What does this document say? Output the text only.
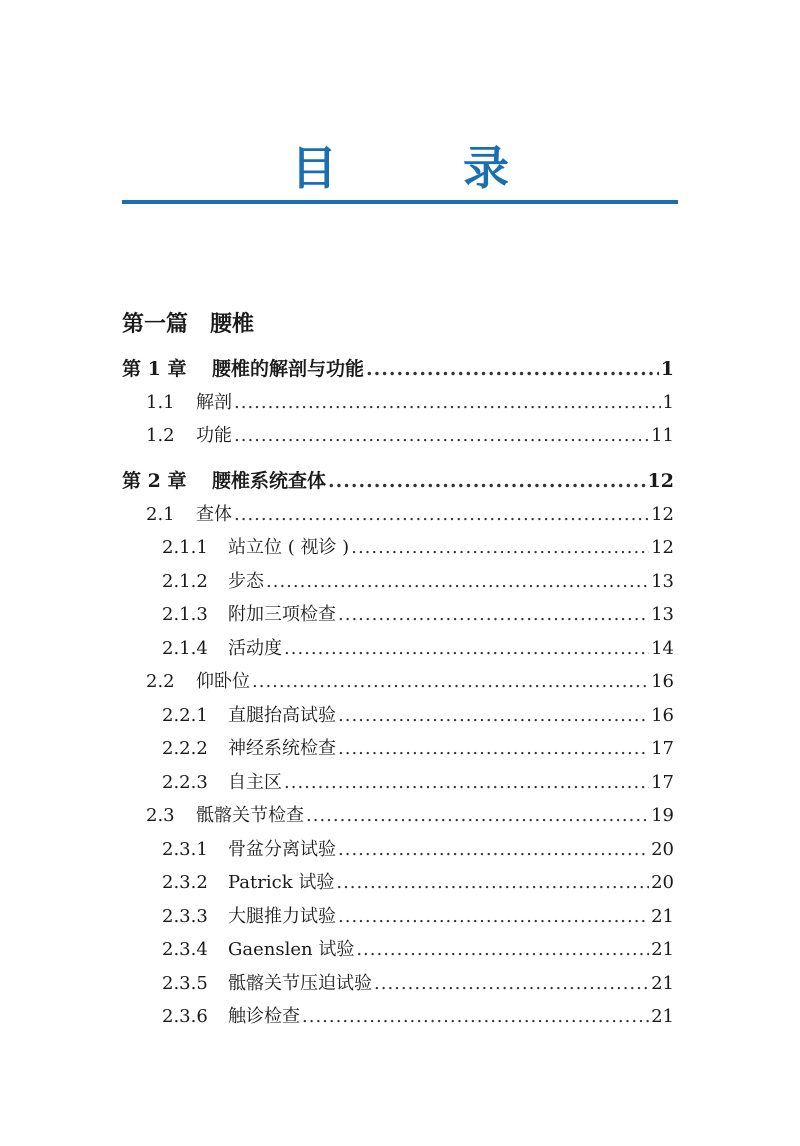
目　录
第一篇　腰椎
第 1 章	腰椎的解剖与功能 .....	1
1.1	解剖 .....	1
1.2	功能 .....	11
第 2 章	腰椎系统查体 .....	12
2.1	查体 .....	12
2.1.1	站立位 ( 视诊 ) .....	12
2.1.2	步态 .....	13
2.1.3	附加三项检查 .....	13
2.1.4	活动度 .....	14
2.2	仰卧位 .....	16
2.2.1	直腿抬高试验 .....	16
2.2.2	神经系统检查 .....	17
2.2.3	自主区 .....	17
2.3	骶髂关节检查 .....	19
2.3.1	骨盆分离试验 .....	20
2.3.2	Patrick 试验 .....	20
2.3.3	大腿推力试验 .....	21
2.3.4	Gaenslen 试验 .....	21
2.3.5	骶髂关节压迫试验 .....	21
2.3.6	触诊检查 .....	21
